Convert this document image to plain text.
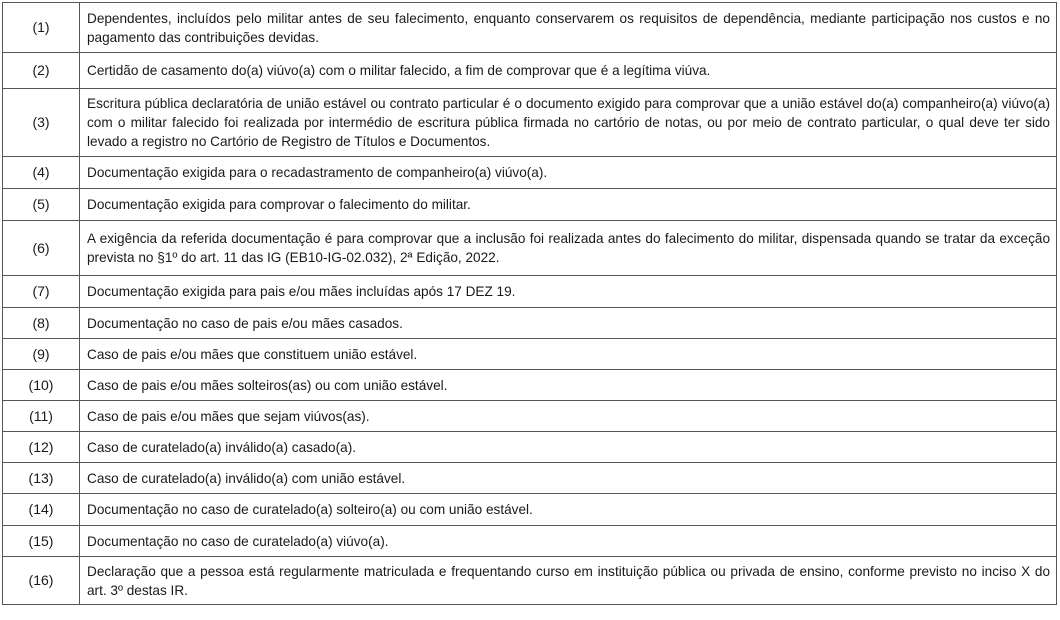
(1)	Dependentes, incluídos pelo militar antes de seu falecimento, enquanto conservarem os requisitos de dependência, mediante participação nos custos e no pagamento das contribuições devidas.
(2)	Certidão de casamento do(a) viúvo(a) com o militar falecido, a fim de comprovar que é a legítima viúva.
(3)	Escritura pública declaratória de união estável ou contrato particular é o documento exigido para comprovar que a união estável do(a) companheiro(a) viúvo(a) com o militar falecido foi realizada por intermédio de escritura pública firmada no cartório de notas, ou por meio de contrato particular, o qual deve ter sido levado a registro no Cartório de Registro de Títulos e Documentos.
(4)	Documentação exigida para o recadastramento de companheiro(a) viúvo(a).
(5)	Documentação exigida para comprovar o falecimento do militar.
(6)	A exigência da referida documentação é para comprovar que a inclusão foi realizada antes do falecimento do militar, dispensada quando se tratar da exceção prevista no §1º do art. 11 das IG (EB10-IG-02.032), 2ª Edição, 2022.
(7)	Documentação exigida para pais e/ou mães incluídas após 17 DEZ 19.
(8)	Documentação no caso de pais e/ou mães casados.
(9)	Caso de pais e/ou mães que constituem união estável.
(10)	Caso de pais e/ou mães solteiros(as) ou com união estável.
(11)	Caso de pais e/ou mães que sejam viúvos(as).
(12)	Caso de curatelado(a) inválido(a) casado(a).
(13)	Caso de curatelado(a) inválido(a) com união estável.
(14)	Documentação no caso de curatelado(a) solteiro(a) ou com união estável.
(15)	Documentação no caso de curatelado(a) viúvo(a).
(16)	Declaração que a pessoa está regularmente matriculada e frequentando curso em instituição pública ou privada de ensino, conforme previsto no inciso X do art. 3º destas IR.
